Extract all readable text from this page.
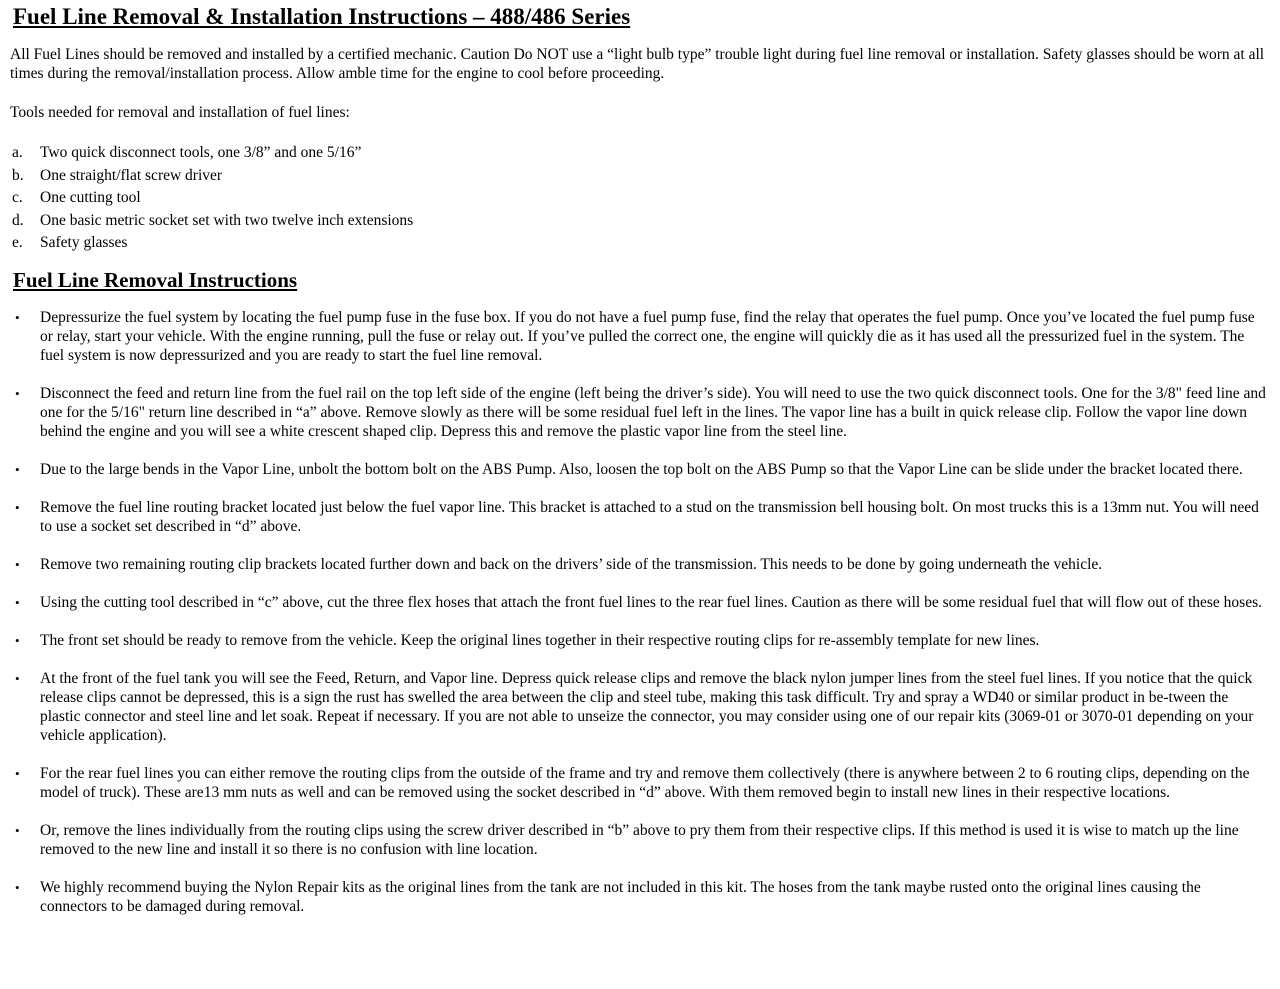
Fuel Line Removal & Installation Instructions – 488/486 Series

All Fuel Lines should be removed and installed by a certified mechanic. Caution Do NOT use a “light bulb type” trouble light during fuel line removal or installation. Safety glasses should be worn at all times during the removal/installation process. Allow amble time for the engine to cool before proceeding.

Tools needed for removal and installation of fuel lines:

a.	Two quick disconnect tools, one 3/8” and one 5/16”
b.	One straight/flat screw driver
c.	One cutting tool
d.	One basic metric socket set with two twelve inch extensions
e.	Safety glasses
Fuel Line Removal Instructions
•	Depressurize the fuel system by locating the fuel pump fuse in the fuse box. If you do not have a fuel pump fuse, find the relay that operates the fuel pump. Once you’ve located the fuel pump fuse or relay, start your vehicle. With the engine running, pull the fuse or relay out. If you’ve pulled the correct one, the engine will quickly die as it has used all the pressurized fuel in the system. The fuel system is now depressurized and you are ready to start the fuel line removal.
•	Disconnect the feed and return line from the fuel rail on the top left side of the engine (left being the driver’s side). You will need to use the two quick disconnect tools. One for the 3/8" feed line and one for the 5/16" return line described in “a” above. Remove slowly as there will be some residual fuel left in the lines. The vapor line has a built in quick release clip. Follow the vapor line down behind the engine and you will see a white crescent shaped clip. Depress this and remove the plastic vapor line from the steel line.
•	Due to the large bends in the Vapor Line, unbolt the bottom bolt on the ABS Pump. Also, loosen the top bolt on the ABS Pump so that the Vapor Line can be slide under the bracket located there.
•	Remove the fuel line routing bracket located just below the fuel vapor line. This bracket is attached to a stud on the transmission bell housing bolt. On most trucks this is a 13mm nut. You will need to use a socket set described in “d” above.
•	Remove two remaining routing clip brackets located further down and back on the drivers’ side of the transmission. This needs to be done by going underneath the vehicle.
•	Using the cutting tool described in “c” above, cut the three flex hoses that attach the front fuel lines to the rear fuel lines. Caution as there will be some residual fuel that will flow out of these hoses.
•	The front set should be ready to remove from the vehicle. Keep the original lines together in their respective routing clips for re-assembly template for new lines.
•	At the front of the fuel tank you will see the Feed, Return, and Vapor line. Depress quick release clips and remove the black nylon jumper lines from the steel fuel lines. If you notice that the quick release clips cannot be depressed, this is a sign the rust has swelled the area between the clip and steel tube, making this task difficult. Try and spray a WD40 or similar product in be-tween the plastic connector and steel line and let soak. Repeat if necessary. If you are not able to unseize the connector, you may consider using one of our repair kits (3069-01 or 3070-01 depending on your vehicle application).
•	For the rear fuel lines you can either remove the routing clips from the outside of the frame and try and remove them collectively (there is anywhere between 2 to 6 routing clips, depending on the model of truck). These are13 mm nuts as well and can be removed using the socket described in “d” above. With them removed begin to install new lines in their respective locations.
•	Or, remove the lines individually from the routing clips using the screw driver described in “b” above to pry them from their respective clips. If this method is used it is wise to match up the line removed to the new line and install it so there is no confusion with line location.
•	We highly recommend buying the Nylon Repair kits as the original lines from the tank are not included in this kit. The hoses from the tank maybe rusted onto the original lines causing the connectors to be damaged during removal.
